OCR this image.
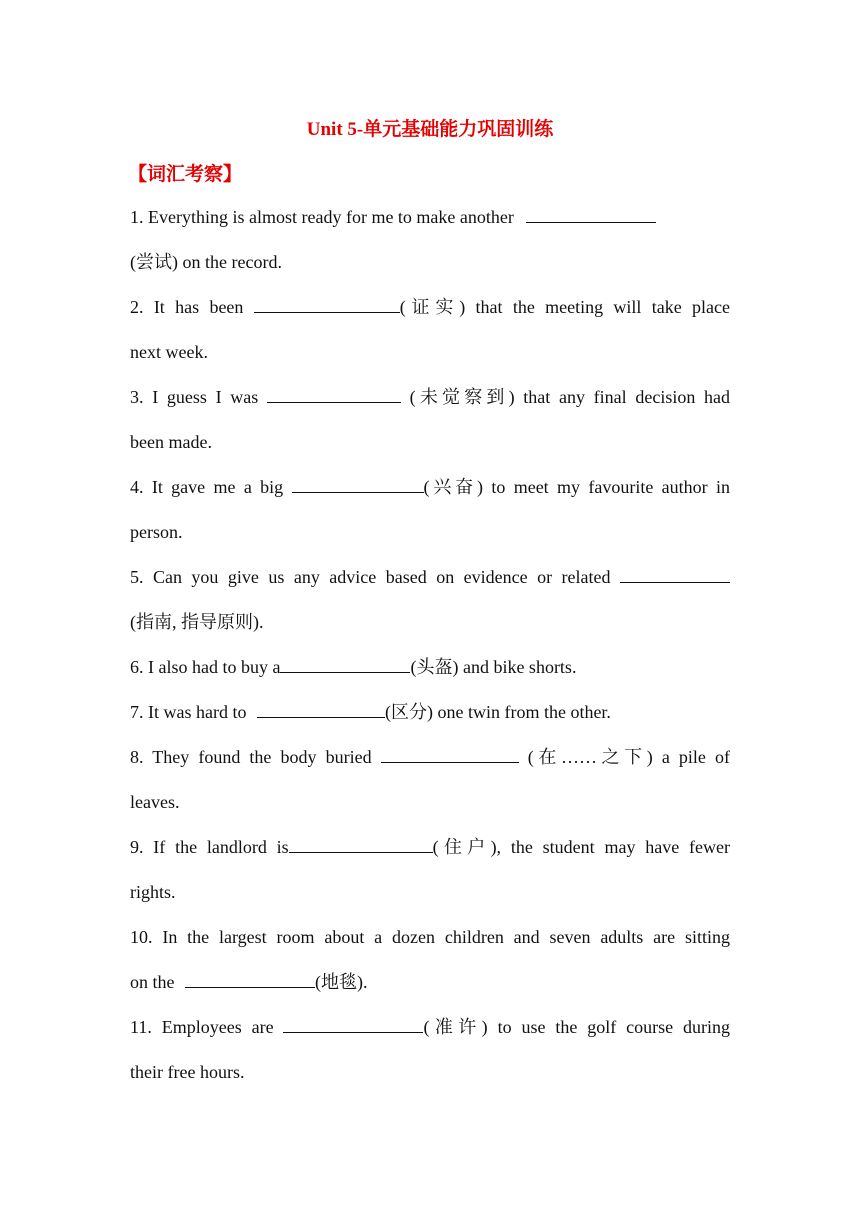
Unit 5-单元基础能力巩固训练
【词汇考察】
1. Everything is almost ready for me to make another
(尝试) on the record.
2. It has been	(证实) that the meeting will take place
next week.
3. I guess I was	(未觉察到) that any final decision had
been made.
4. It gave me a big	(兴奋) to meet my favourite author in
person.
5. Can you give us any advice based on evidence or related
(指南, 指导原则).
6. I also had to buy a	(头盔) and bike shorts.
7. It was hard to	(区分) one twin from the other.
8. They found the body buried	(在……之下) a pile of
leaves.
9. If the landlord is	(住户), the student may have fewer
rights.
10. In the largest room about a dozen children and seven adults are sitting
on the	(地毯).
11. Employees are	(准许) to use the golf course during
their free hours.
